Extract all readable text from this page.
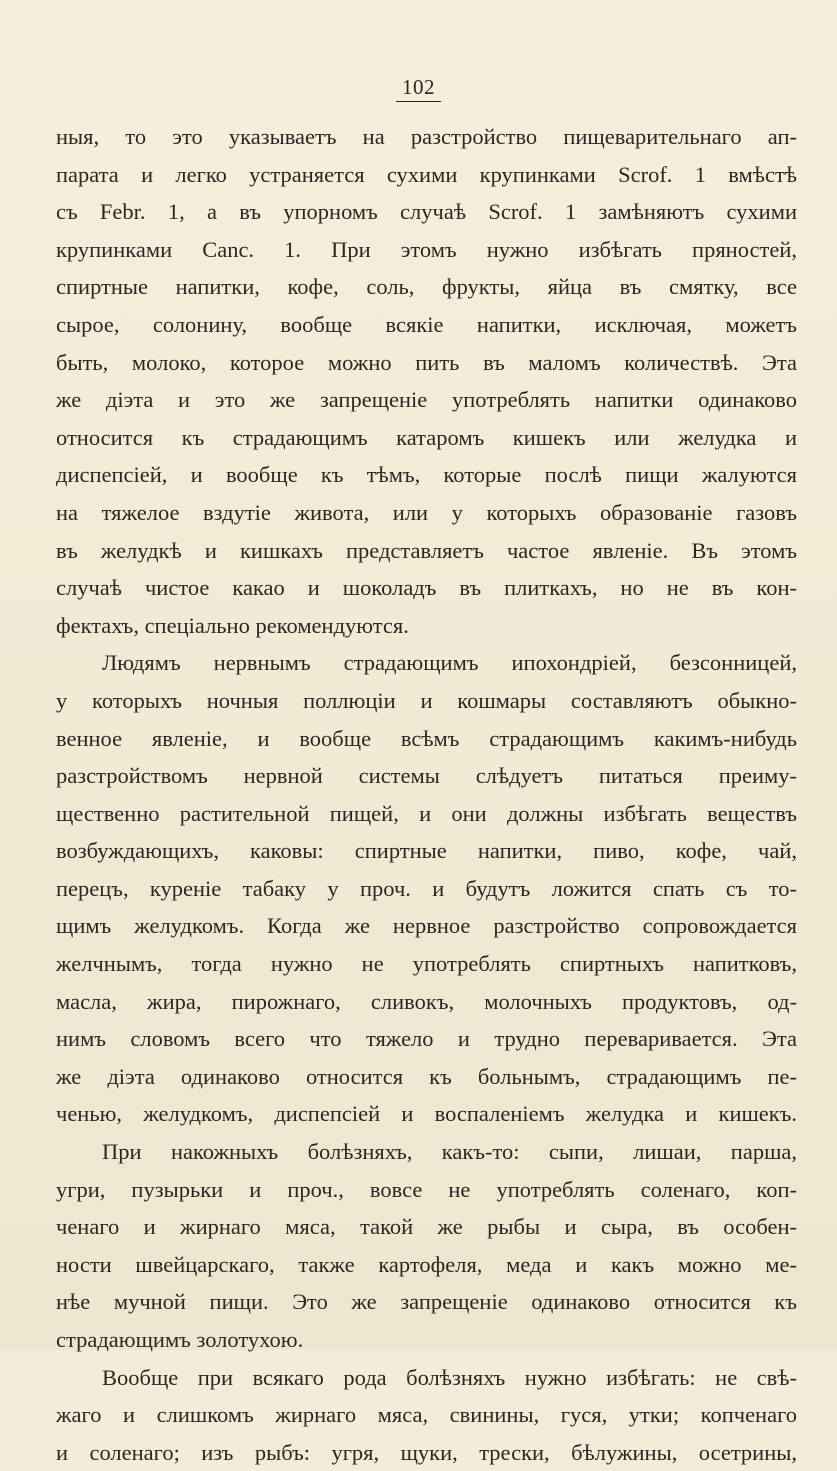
102
ныя, то это указываетъ на разстройство пищеварительнаго ап-
парата и легко устраняется сухими крупинками Scrof. 1 вмѣстѣ
съ Febr. 1, а въ упорномъ случаѣ Scrof. 1 замѣняютъ сухими
крупинками Canc. 1. При этомъ нужно избѣгать пряностей,
спиртные напитки, кофе, соль, фрукты, яйца въ смятку, все
сырое, солонину, вообще всякіе напитки, исключая, можетъ
быть, молоко, которое можно пить въ маломъ количествѣ. Эта
же діэта и это же запрещеніе употреблять напитки одинаково
относится къ страдающимъ катаромъ кишекъ или желудка и
диспепсіей, и вообще къ тѣмъ, которые послѣ пищи жалуются
на тяжелое вздутіе живота, или у которыхъ образованіе газовъ
въ желудкѣ и кишкахъ представляетъ частое явленіе. Въ этомъ
случаѣ чистое какао и шоколадъ въ плиткахъ, но не въ кон-
фектахъ, спеціально рекомендуются.
Людямъ нервнымъ страдающимъ ипохондріей, безсонницей,
у которыхъ ночныя поллюціи и кошмары составляютъ обыкно-
венное явленіе, и вообще всѣмъ страдающимъ какимъ-нибудь
разстройствомъ нервной системы слѣдуетъ питаться преиму-
щественно растительной пищей, и они должны избѣгать веществъ
возбуждающихъ, каковы: спиртные напитки, пиво, кофе, чай,
перецъ, куреніе табаку у проч. и будутъ ложится спать съ то-
щимъ желудкомъ. Когда же нервное разстройство сопровождается
желчнымъ, тогда нужно не употреблять спиртныхъ напитковъ,
масла, жира, пирожнаго, сливокъ, молочныхъ продуктовъ, од-
нимъ словомъ всего что тяжело и трудно переваривается. Эта
же діэта одинаково относится къ больнымъ, страдающимъ пе-
ченью, желудкомъ, диспепсіей и воспаленіемъ желудка и кишекъ.
При накожныхъ болѣзняхъ, какъ-то: сыпи, лишаи, парша,
угри, пузырьки и проч., вовсе не употреблять соленаго, коп-
ченаго и жирнаго мяса, такой же рыбы и сыра, въ особен-
ности швейцарскаго, также картофеля, меда и какъ можно ме-
нѣе мучной пищи. Это же запрещеніе одинаково относится къ
страдающимъ золотухою.
Вообще при всякаго рода болѣзняхъ нужно избѣгать: не свѣ-
жаго и слишкомъ жирнаго мяса, свинины, гуся, утки; копченаго
и соленаго; изъ рыбъ: угря, щуки, трески, бѣлужины, осетрины,
